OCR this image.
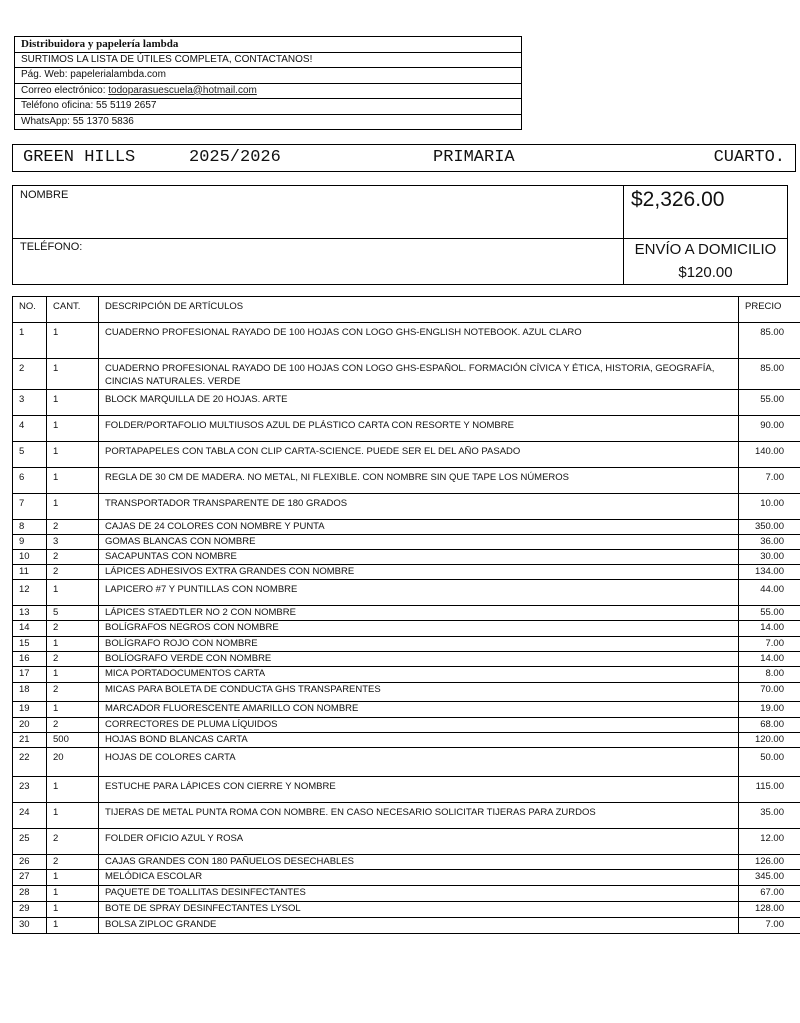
Distribuidora y papelería lambda
SURTIMOS LA LISTA DE ÚTILES COMPLETA, CONTACTANOS!
Pág. Web: papelerialambda.com
Correo electrónico: todoparasuescuela@hotmail.com
Teléfono oficina: 55 5119 2657
WhatsApp: 55 1370 5836
GREEN HILLS	2025/2026	PRIMARIA	CUARTO.
NOMBRE
TELÉFONO:
$2,326.00
ENVÍO A DOMICILIO
$120.00
NO.	CANT.	DESCRIPCIÓN DE ARTÍCULOS	PRECIO
1	1	CUADERNO PROFESIONAL RAYADO DE 100 HOJAS CON LOGO GHS-ENGLISH NOTEBOOK. AZUL CLARO	85.00
2	1	CUADERNO PROFESIONAL RAYADO DE 100 HOJAS CON LOGO GHS-ESPAÑOL. FORMACIÓN CÍVICA Y ÉTICA, HISTORIA, GEOGRAFÍA, CINCIAS NATURALES. VERDE	85.00
3	1	BLOCK MARQUILLA DE 20 HOJAS. ARTE	55.00
4	1	FOLDER/PORTAFOLIO MULTIUSOS AZUL DE PLÁSTICO CARTA CON RESORTE Y NOMBRE	90.00
5	1	PORTAPAPELES CON TABLA CON CLIP CARTA-SCIENCE. PUEDE SER EL DEL AÑO PASADO	140.00
6	1	REGLA DE 30 CM DE MADERA. NO METAL, NI FLEXIBLE. CON NOMBRE SIN QUE TAPE LOS NÚMEROS	7.00
7	1	TRANSPORTADOR TRANSPARENTE DE 180 GRADOS	10.00
8	2	CAJAS DE 24 COLORES CON NOMBRE Y PUNTA	350.00
9	3	GOMAS BLANCAS CON NOMBRE	36.00
10	2	SACAPUNTAS CON NOMBRE	30.00
11	2	LÁPICES ADHESIVOS EXTRA GRANDES CON NOMBRE	134.00
12	1	LAPICERO #7 Y PUNTILLAS CON NOMBRE	44.00
13	5	LÁPICES STAEDTLER NO 2 CON NOMBRE	55.00
14	2	BOLÍGRAFOS NEGROS CON NOMBRE	14.00
15	1	BOLÍGRAFO ROJO CON NOMBRE	7.00
16	2	BOLÍOGRAFO VERDE CON NOMBRE	14.00
17	1	MICA PORTADOCUMENTOS CARTA	8.00
18	2	MICAS PARA BOLETA DE CONDUCTA GHS TRANSPARENTES	70.00
19	1	MARCADOR FLUORESCENTE AMARILLO CON NOMBRE	19.00
20	2	CORRECTORES DE PLUMA LÍQUIDOS	68.00
21	500	HOJAS BOND BLANCAS CARTA	120.00
22	20	HOJAS DE COLORES CARTA	50.00
23	1	ESTUCHE PARA LÁPICES CON CIERRE Y NOMBRE	115.00
24	1	TIJERAS DE METAL PUNTA ROMA CON NOMBRE. EN CASO NECESARIO SOLICITAR TIJERAS PARA ZURDOS	35.00
25	2	FOLDER OFICIO AZUL Y ROSA	12.00
26	2	CAJAS GRANDES CON 180 PAÑUELOS DESECHABLES	126.00
27	1	MELÓDICA ESCOLAR	345.00
28	1	PAQUETE DE TOALLITAS DESINFECTANTES	67.00
29	1	BOTE DE SPRAY DESINFECTANTES LYSOL	128.00
30	1	BOLSA ZIPLOC GRANDE	7.00
